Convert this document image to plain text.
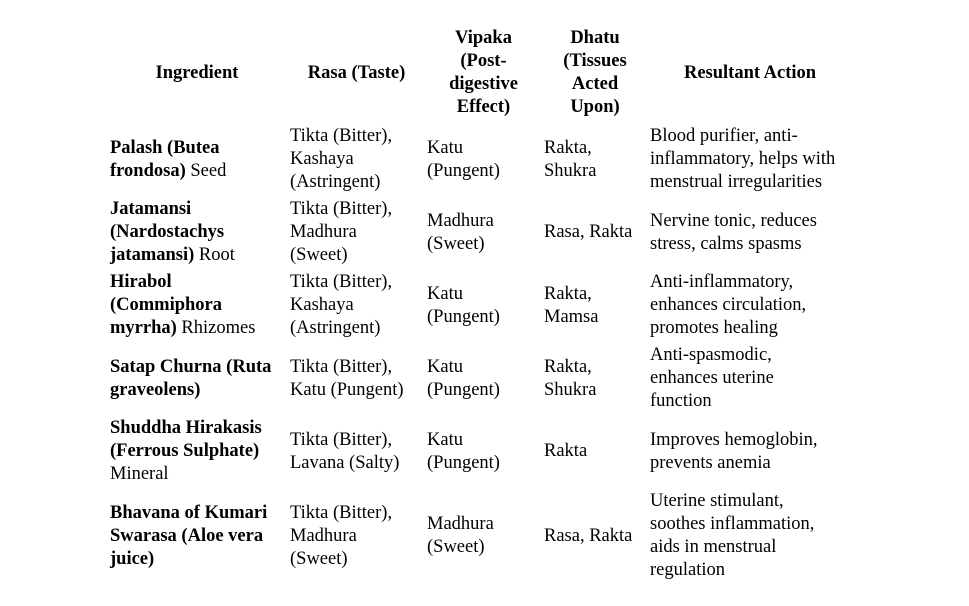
Ingredient	Rasa (Taste)	Vipaka
(Post-
digestive
Effect)	Dhatu
(Tissues
Acted
Upon)	Resultant Action
Palash (Butea
frondosa) Seed	Tikta (Bitter),
Kashaya
(Astringent)	Katu
(Pungent)	Rakta,
Shukra	Blood purifier, anti-
inflammatory, helps with
menstrual irregularities
Jatamansi
(Nardostachys
jatamansi) Root	Tikta (Bitter),
Madhura
(Sweet)	Madhura
(Sweet)	Rasa, Rakta	Nervine tonic, reduces
stress, calms spasms
Hirabol
(Commiphora
myrrha) Rhizomes	Tikta (Bitter),
Kashaya
(Astringent)	Katu
(Pungent)	Rakta,
Mamsa	Anti-inflammatory,
enhances circulation,
promotes healing
Satap Churna (Ruta
graveolens)	Tikta (Bitter),
Katu (Pungent)	Katu
(Pungent)	Rakta,
Shukra	Anti-spasmodic,
enhances uterine
function
Shuddha Hirakasis
(Ferrous Sulphate)
Mineral	Tikta (Bitter),
Lavana (Salty)	Katu
(Pungent)	Rakta	Improves hemoglobin,
prevents anemia
Bhavana of Kumari
Swarasa (Aloe vera
juice)	Tikta (Bitter),
Madhura
(Sweet)	Madhura
(Sweet)	Rasa, Rakta	Uterine stimulant,
soothes inflammation,
aids in menstrual
regulation
